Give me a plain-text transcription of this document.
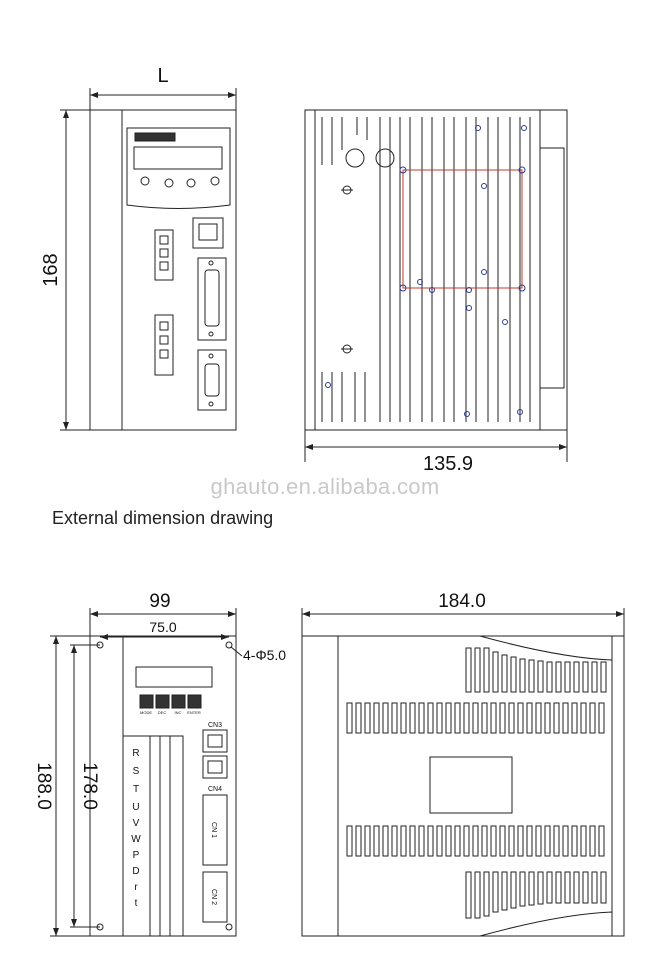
ghauto.en.alibaba.com
External dimension drawing
L
168
135.9
99
75.0
4-Φ5.0
188.0 178.0
184.0
MODE DEC INC ENTER
CN3
CN4
CN 1
CN 2
R
S
T
U
V
W
P
D
r
t
